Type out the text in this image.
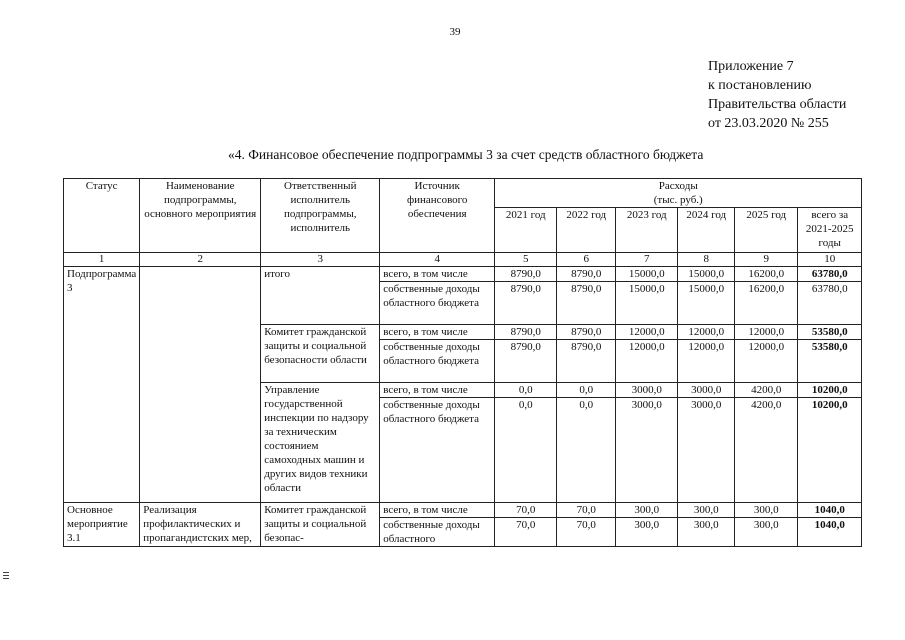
39
Приложение 7
к постановлению
Правительства области
от 23.03.2020 № 255
«4. Финансовое обеспечение подпрограммы 3 за счет средств областного бюджета
Статус	Наименование подпрограммы, основного мероприятия	Ответственный исполнитель подпрограммы, исполнитель	Источник финансового обеспечения	Расходы
(тыс. руб.)					

				2021 год	2022 год	2023 год	2024 год	2025 год	всего за 2021-2025 годы
1	2	3	4	5	6	7	8	9	10
Подпрограмма 3		итого	всего, в том числе	8790,0	8790,0	15000,0	15000,0	16200,0	63780,0
			собственные доходы областного бюджета	8790,0	8790,0	15000,0	15000,0	16200,0	63780,0
		Комитет гражданской защиты и социальной безопасности области	всего, в том числе	8790,0	8790,0	12000,0	12000,0	12000,0	53580,0
			собственные доходы областного бюджета	8790,0	8790,0	12000,0	12000,0	12000,0	53580,0
		Управление государственной инспекции по надзору за техническим состоянием самоходных машин и других видов техники области	всего, в том числе	0,0	0,0	3000,0	3000,0	4200,0	10200,0
			собственные доходы областного бюджета	0,0	0,0	3000,0	3000,0	4200,0	10200,0
Основное мероприятие 3.1	Реализация профилактических и пропагандистских мер,	Комитет гражданской защиты и социальной безопас-	всего, в том числе	70,0	70,0	300,0	300,0	300,0	1040,0
			собственные доходы областного	70,0	70,0	300,0	300,0	300,0	1040,0
